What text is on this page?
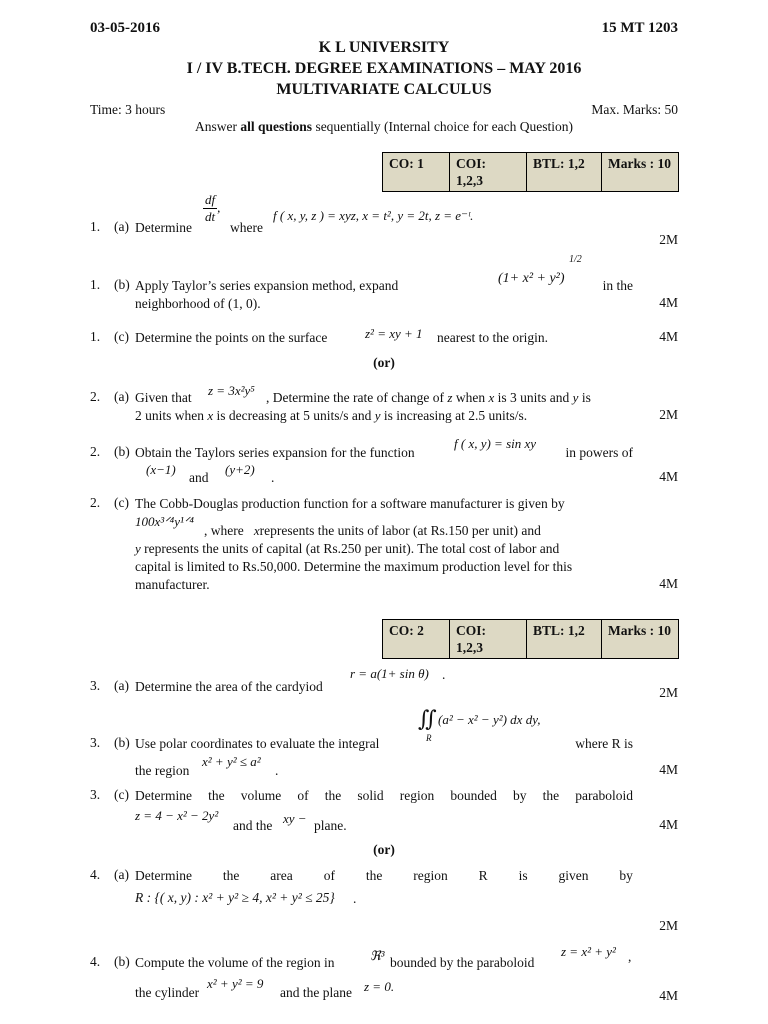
03-05-2016	15 MT 1203
K L UNIVERSITY
I / IV B.TECH. DEGREE EXAMINATIONS – MAY 2016
MULTIVARIATE CALCULUS
Time: 3 hours	Max. Marks: 50
Answer all questions sequentially (Internal choice for each Question)
CO: 1	COI:
1,2,3	BTL: 1,2	Marks : 10
1. (a) Determine
$\frac{df}{dt}$ ,
where
f ( x, y, z ) = xyz, x = t², y = 2t, z = e⁻ᵗ.
2M
1. (b) Apply Taylor’s series expansion method, expand	(1+ x² + y²)
1/2
in the
neighborhood of (1, 0).	4M
1. (c) Determine the points on the surface	z² = xy + 1 nearest to the origin.	4M
(or)
2. (a) Given that z = 3x²y⁵ , Determine the rate of change of z when x is 3 units and y is
2 units when x is decreasing at 5 units/s and y is increasing at 2.5 units/s.	2M
2. (b) Obtain the Taylors series expansion for the function
f ( x, y) = sin xy
in powers of
(x−1)
and
(y+2)
.	4M
2. (c) The Cobb-Douglas production function for a software manufacturer is given by
100x³ᐟ⁴y¹ᐟ⁴
, where xrepresents the units of labor (at Rs.150 per unit) and
y represents the units of capital (at Rs.250 per unit). The total cost of labor and
capital is limited to Rs.50,000. Determine the maximum production level for this
manufacturer.	4M
CO: 2	COI:
1,2,3	BTL: 1,2	Marks : 10
3. (a) Determine the area of the cardyiod
r = a(1+ sin θ) .
2M
∬
R
(a² − x² − y²) dx dy,
3. (b) Use polar coordinates to evaluate the integral	where R is
the region
x² + y² ≤ a²
.	4M
3. (c) Determine the volume of the solid region bounded by the paraboloid
z = 4 − x² − 2y²
and the xy − plane.	4M
(or)
4. (a) Determine the area of the region R is given by
R : {( x, y) : x² + y² ≥ 4, x² + y² ≤ 25} .
2M
4. (b) Compute the volume of the region in	ℜ³ bounded by the paraboloid
z = x² + y² ,
the cylinder
x² + y² = 9
and the plane z = 0.
4M
